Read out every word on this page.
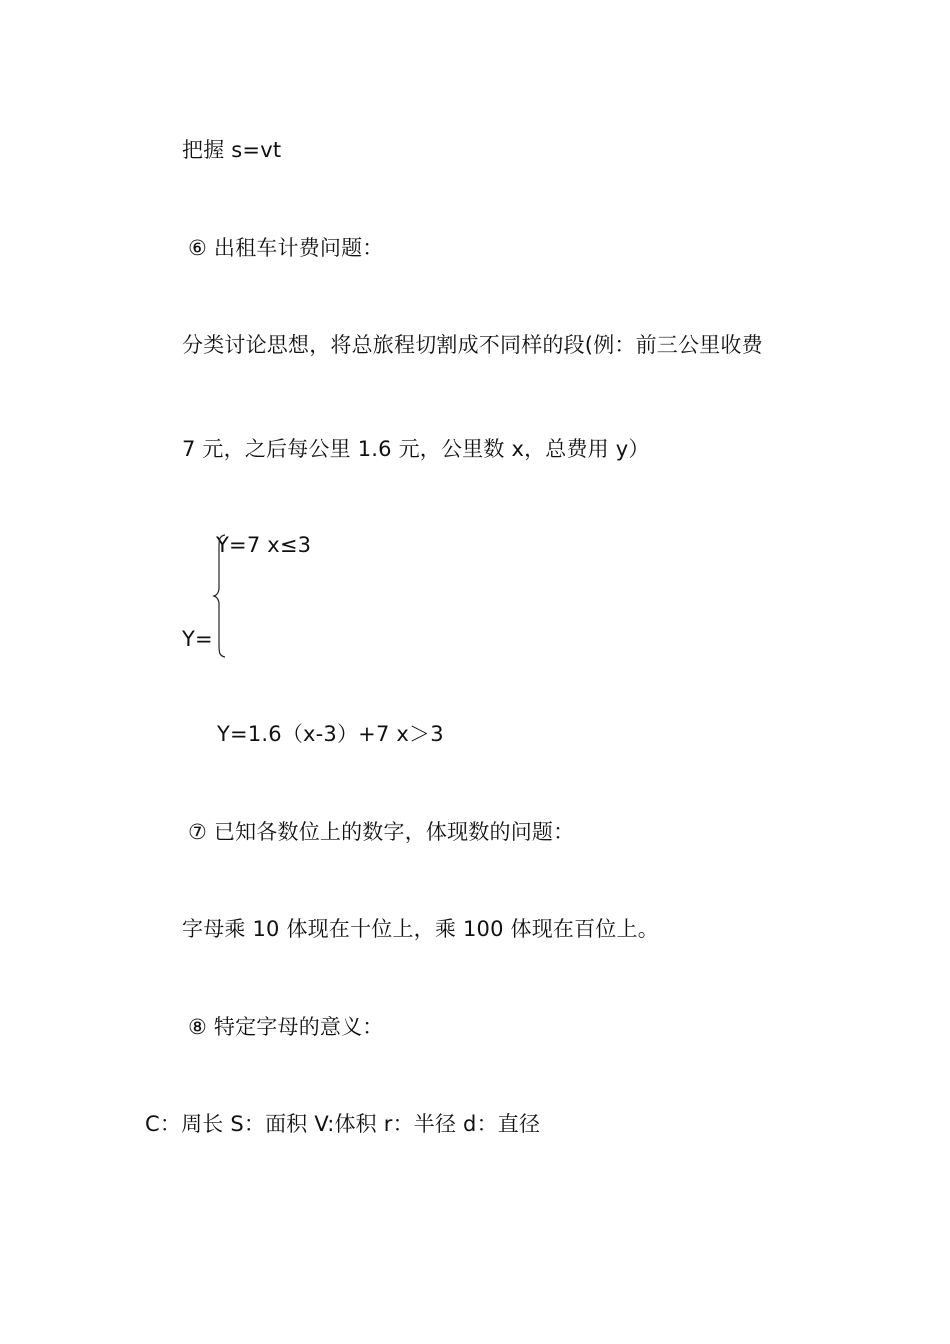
把握 s=vt
⑥ 出租车计费问题：
分类讨论思想，将总旅程切割成不同样的段(例：前三公里收费
7 元，之后每公里 1.6 元，公里数 x，总费用 y）
Y=7 x≤3
Y=
Y=1.6（x-3）+7 x＞3
⑦ 已知各数位上的数字，体现数的问题：
字母乘 10 体现在十位上，乘 100 体现在百位上。
⑧ 特定字母的意义：
C：周长 S：面积 V:体积 r：半径 d：直径
